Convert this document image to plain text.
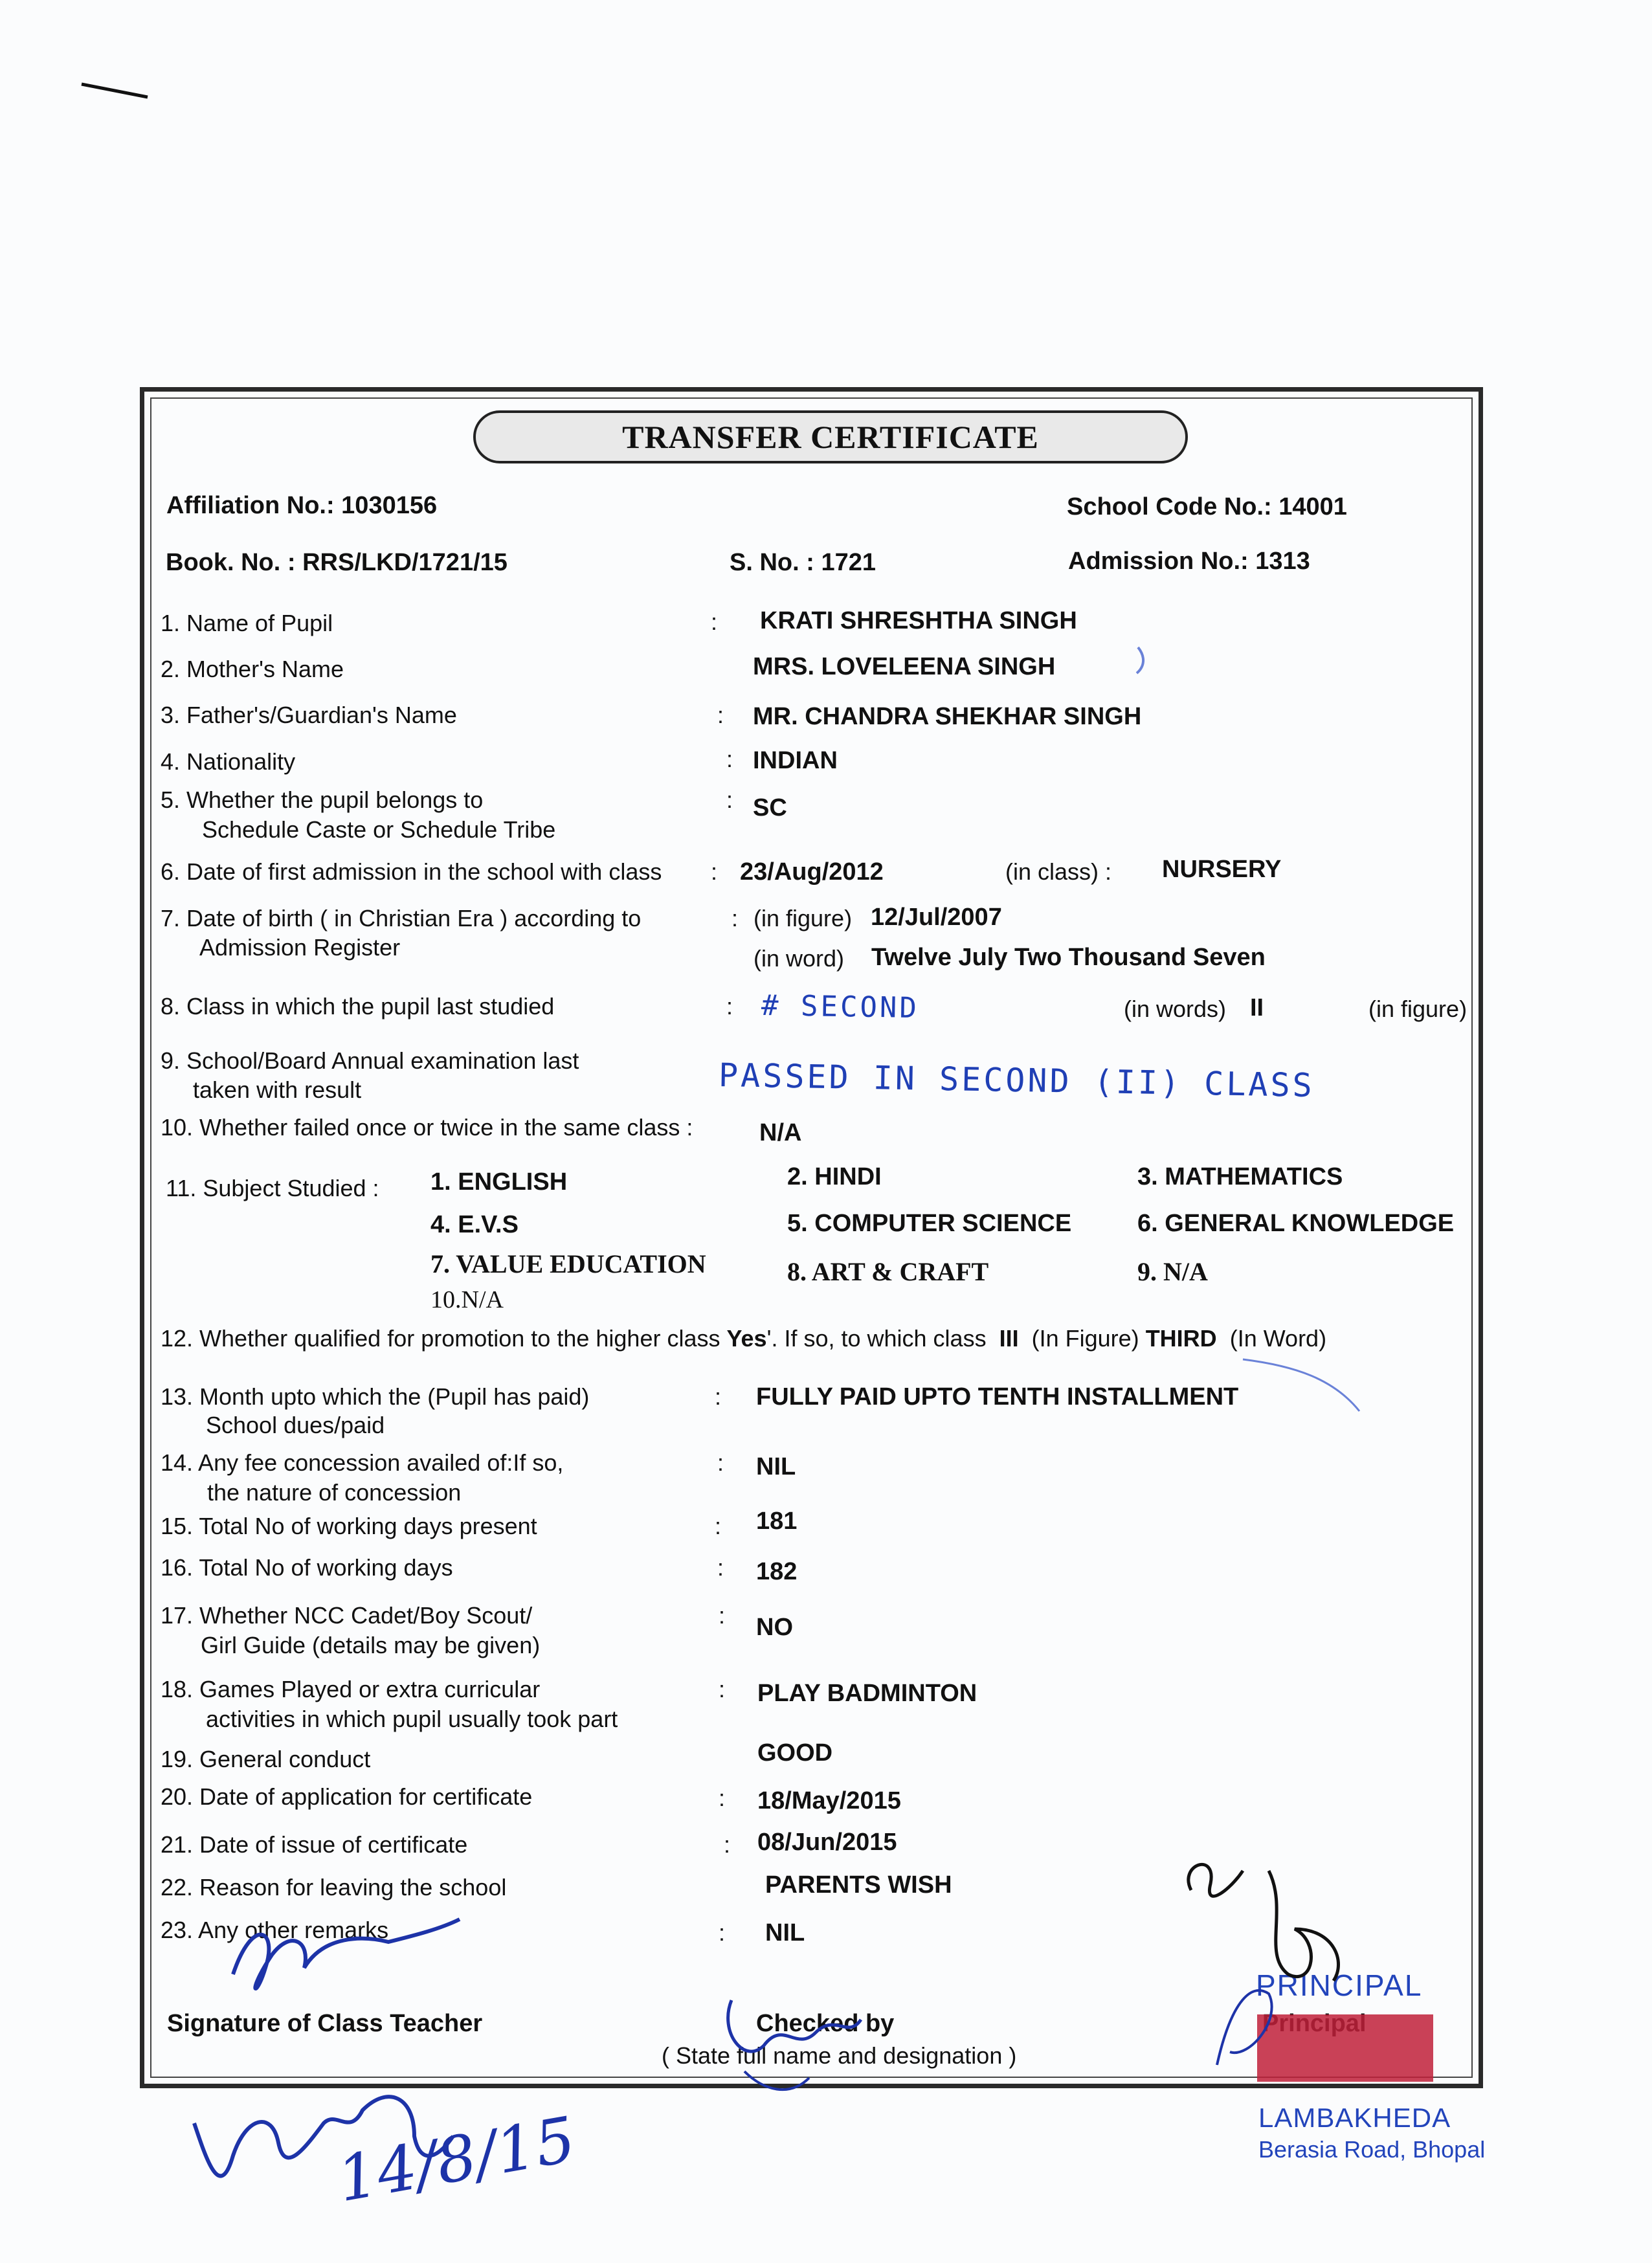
TRANSFER CERTIFICATE
Affiliation No.: 1030156	School Code No.: 14001
Book. No. : RRS/LKD/1721/15	S. No. : 1721	Admission No.: 1313
1. Name of Pupil	: KRATI SHRESHTHA SINGH
2. Mother's Name	MRS. LOVELEENA SINGH
3. Father's/Guardian's Name	: MR. CHANDRA SHEKHAR SINGH
4. Nationality	: INDIAN
5. Whether the pupil belongs to
Schedule Caste or Schedule Tribe
: SC
6. Date of first admission in the school with class : 23/Aug/2012	(in class) : NURSERY
7. Date of birth ( in Christian Era ) according to
Admission Register
: (in figure) 12/Jul/2007
(in word) Twelve July Two Thousand Seven
8. Class in which the pupil last studied	: # SECOND	(in words) II	(in figure)
9. School/Board Annual examination last
taken with result	PASSED IN SECOND (II) CLASS
10. Whether failed once or twice in the same class :	N/A
11. Subject Studied : 1. ENGLISH	2. HINDI	3. MATHEMATICS
4. E.V.S	5. COMPUTER SCIENCE	6. GENERAL KNOWLEDGE
7. VALUE EDUCATION	8. ART & CRAFT	9. N/A
10.N/A
12. Whether qualified for promotion to the higher class Yes'. If so, to which class III (In Figure) THIRD (In Word)
13. Month upto which the (Pupil has paid)
School dues/paid
: FULLY PAID UPTO TENTH INSTALLMENT
14. Any fee concession availed of:If so,
the nature of concession
: NIL
15. Total No of working days present	: 181
16. Total No of working days	: 182
17. Whether NCC Cadet/Boy Scout/
Girl Guide (details may be given)
: NO
18. Games Played or extra curricular
activities in which pupil usually took part
: PLAY BADMINTON
19. General conduct	GOOD
20. Date of application for certificate	: 18/May/2015
21. Date of issue of certificate	: 08/Jun/2015
22. Reason for leaving the school	PARENTS WISH
23. Any other remarks	: NIL
Signature of Class Teacher	Checked by
( State full name and designation )
PRINCIPAL
LAMBAKHEDA
Berasia Road, Bhopal
14/8/15
